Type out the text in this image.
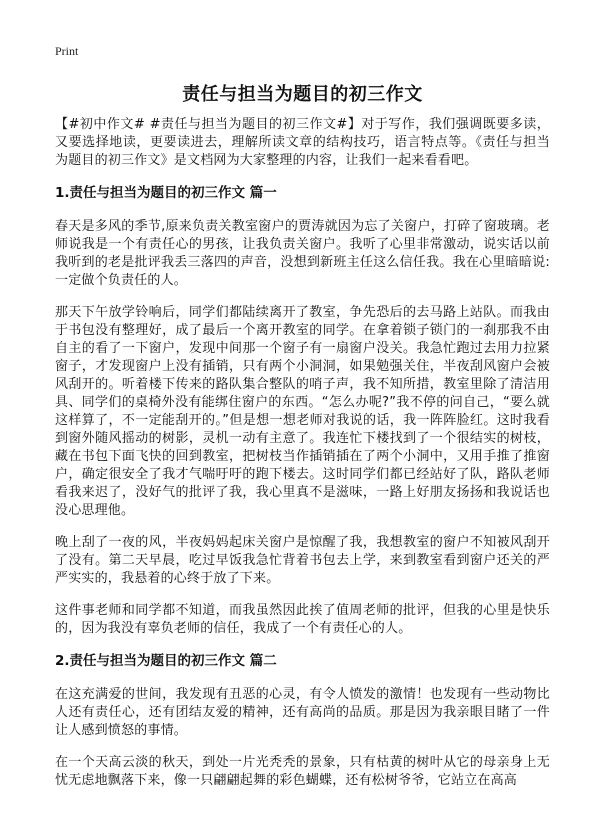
Print
责任与担当为题目的初三作文

【#初中作文# #责任与担当为题目的初三作文#】对于写作，我们强调既要多读，又要选择地读，更要读进去，理解所读文章的结构技巧，语言特点等。《责任与担当为题目的初三作文》是文档网为大家整理的内容，让我们一起来看看吧。

1.责任与担当为题目的初三作文 篇一

春天是多风的季节,原来负责关教室窗户的贾涛就因为忘了关窗户，打碎了窗玻璃。老师说我是一个有责任心的男孩，让我负责关窗户。我听了心里非常激动，说实话以前我听到的老是批评我丢三落四的声音，没想到新班主任这么信任我。我在心里暗暗说:一定做个负责任的人。

那天下午放学铃响后，同学们都陆续离开了教室，争先恐后的去马路上站队。而我由于书包没有整理好，成了最后一个离开教室的同学。在拿着锁子锁门的一刹那我不由自主的看了一下窗户，发现中间那一个窗子有一扇窗户没关。我急忙跑过去用力拉紧窗子，才发现窗户上没有插销，只有两个小洞洞，如果勉强关住，半夜刮风窗户会被风刮开的。听着楼下传来的路队集合整队的哨子声，我不知所措，教室里除了清洁用具、同学们的桌椅外没有能绑住窗户的东西。“怎么办呢?”我不停的问自己，“要么就这样算了，不一定能刮开的。”但是想一想老师对我说的话，我一阵阵脸红。这时我看到窗外随风摇动的树影，灵机一动有主意了。我连忙下楼找到了一个很结实的树枝，藏在书包下面飞快的回到教室，把树枝当作插销插在了两个小洞中，又用手推了推窗户，确定很安全了我才气喘吁吁的跑下楼去。这时同学们都已经站好了队，路队老师看我来迟了，没好气的批评了我，我心里真不是滋味，一路上好朋友扬扬和我说话也没心思理他。

晚上刮了一夜的风，半夜妈妈起床关窗户是惊醒了我，我想教室的窗户不知被风刮开了没有。第二天早晨，吃过早饭我急忙背着书包去上学，来到教室看到窗户还关的严严实实的，我悬着的心终于放了下来。

这件事老师和同学都不知道，而我虽然因此挨了值周老师的批评，但我的心里是快乐的，因为我没有辜负老师的信任，我成了一个有责任心的人。

2.责任与担当为题目的初三作文 篇二

在这充满爱的世间，我发现有丑恶的心灵，有令人愤发的激情！也发现有一些动物比人还有责任心，还有团结友爱的精神，还有高尚的品质。那是因为我亲眼目睹了一件让人感到愤怒的事情。

在一个天高云淡的秋天，到处一片光秃秃的景象，只有枯黄的树叶从它的母亲身上无忧无虑地飘落下来，像一只翩翩起舞的彩色蝴蝶，还有松树爷爷，它站立在高高
